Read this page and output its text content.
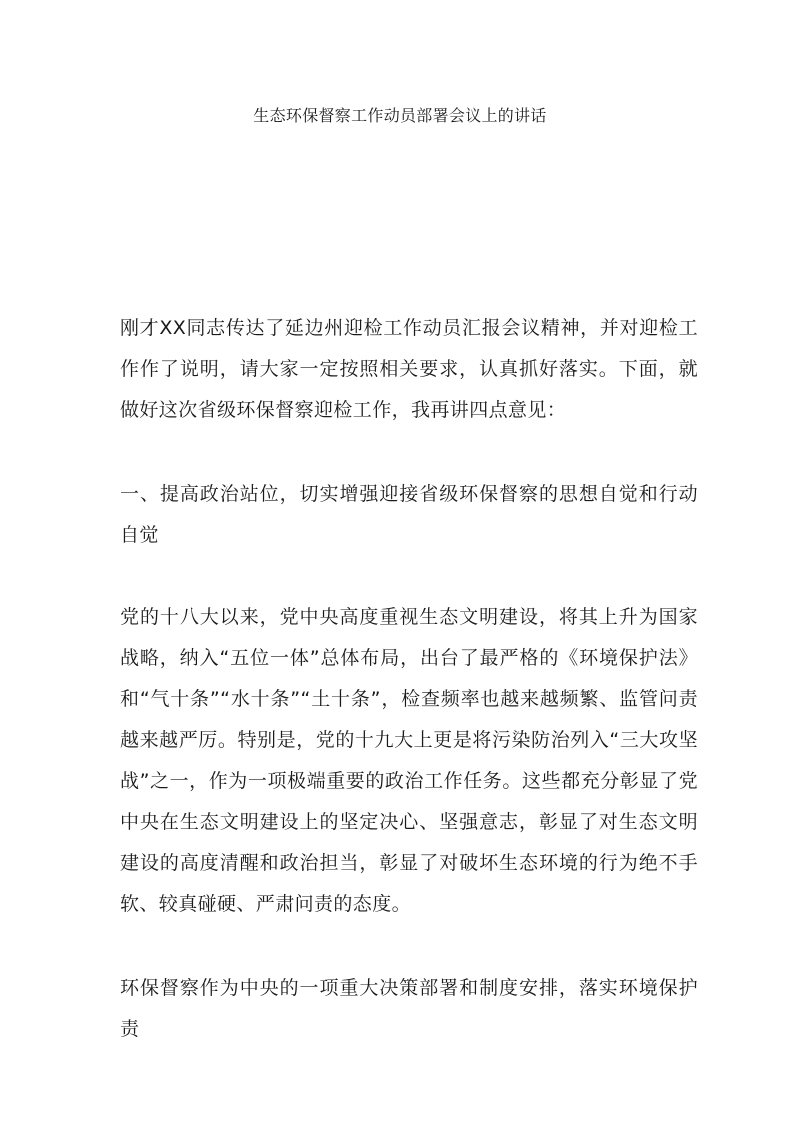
生态环保督察工作动员部署会议上的讲话

刚才XX同志传达了延边州迎检工作动员汇报会议精神，并对迎检工作作了说明，请大家一定按照相关要求，认真抓好落实。下面，就做好这次省级环保督察迎检工作，我再讲四点意见：

一、提高政治站位，切实增强迎接省级环保督察的思想自觉和行动自觉

党的十八大以来，党中央高度重视生态文明建设，将其上升为国家战略，纳入“五位一体”总体布局，出台了最严格的《环境保护法》和“气十条”“水十条”“土十条”，检查频率也越来越频繁、监管问责越来越严厉。特别是，党的十九大上更是将污染防治列入“三大攻坚战”之一，作为一项极端重要的政治工作任务。这些都充分彰显了党中央在生态文明建设上的坚定决心、坚强意志，彰显了对生态文明建设的高度清醒和政治担当，彰显了对破坏生态环境的行为绝不手软、较真碰硬、严肃问责的态度。

环保督察作为中央的一项重大决策部署和制度安排，落实环境保护责
